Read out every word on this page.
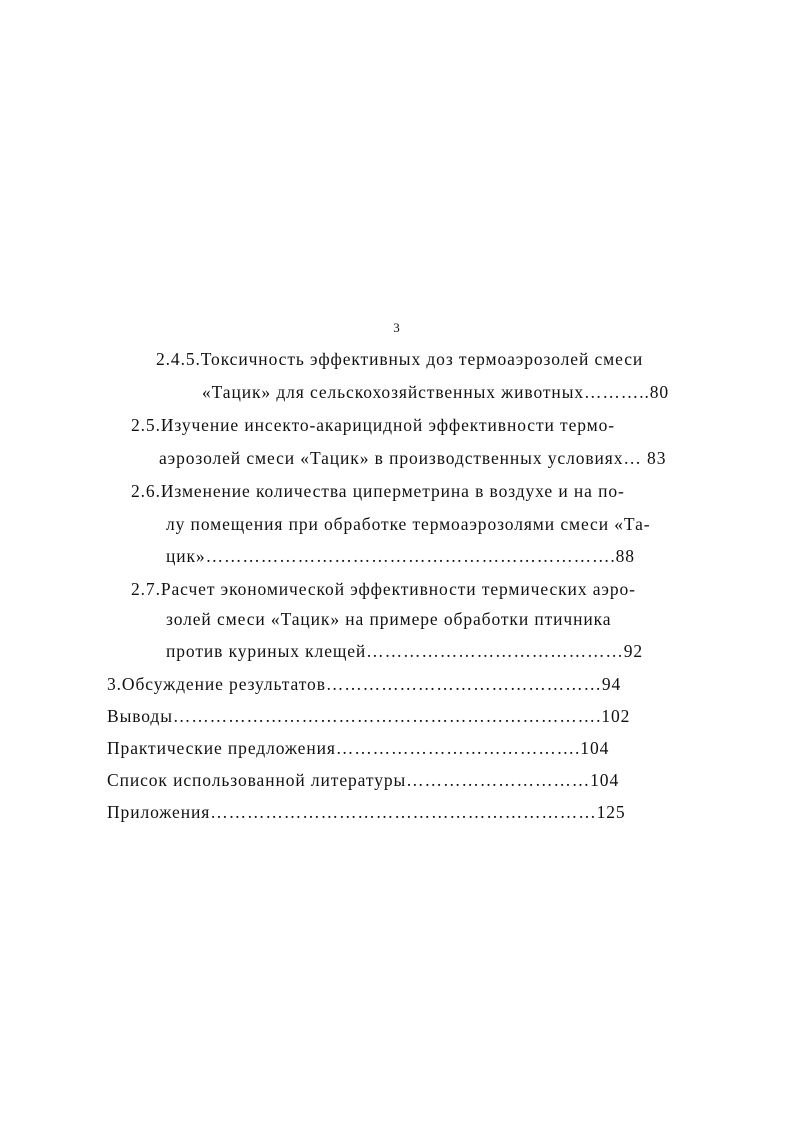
3
2.4.5.Токсичность эффективных доз термоаэрозолей смеси
«Тацик» для сельскохозяйственных животных………..80
2.5.Изучение инсекто-акарицидной эффективности термо-
аэрозолей смеси «Тацик» в производственных условиях… 83
2.6.Изменение количества циперметрина в воздухе и на по-
лу помещения при обработке термоаэрозолями смеси «Та-
цик»………………………………………………………….88
2.7.Расчет экономической эффективности термических аэро-
золей смеси «Тацик» на примере обработки птичника
против куриных клещей……………………………………92
3.Обсуждение результатов………………………………………94
Выводы…………………………………………………………….102
Практические предложения………………………………….104
Список использованной литературы…………………………104
Приложения………………………………………………………125
